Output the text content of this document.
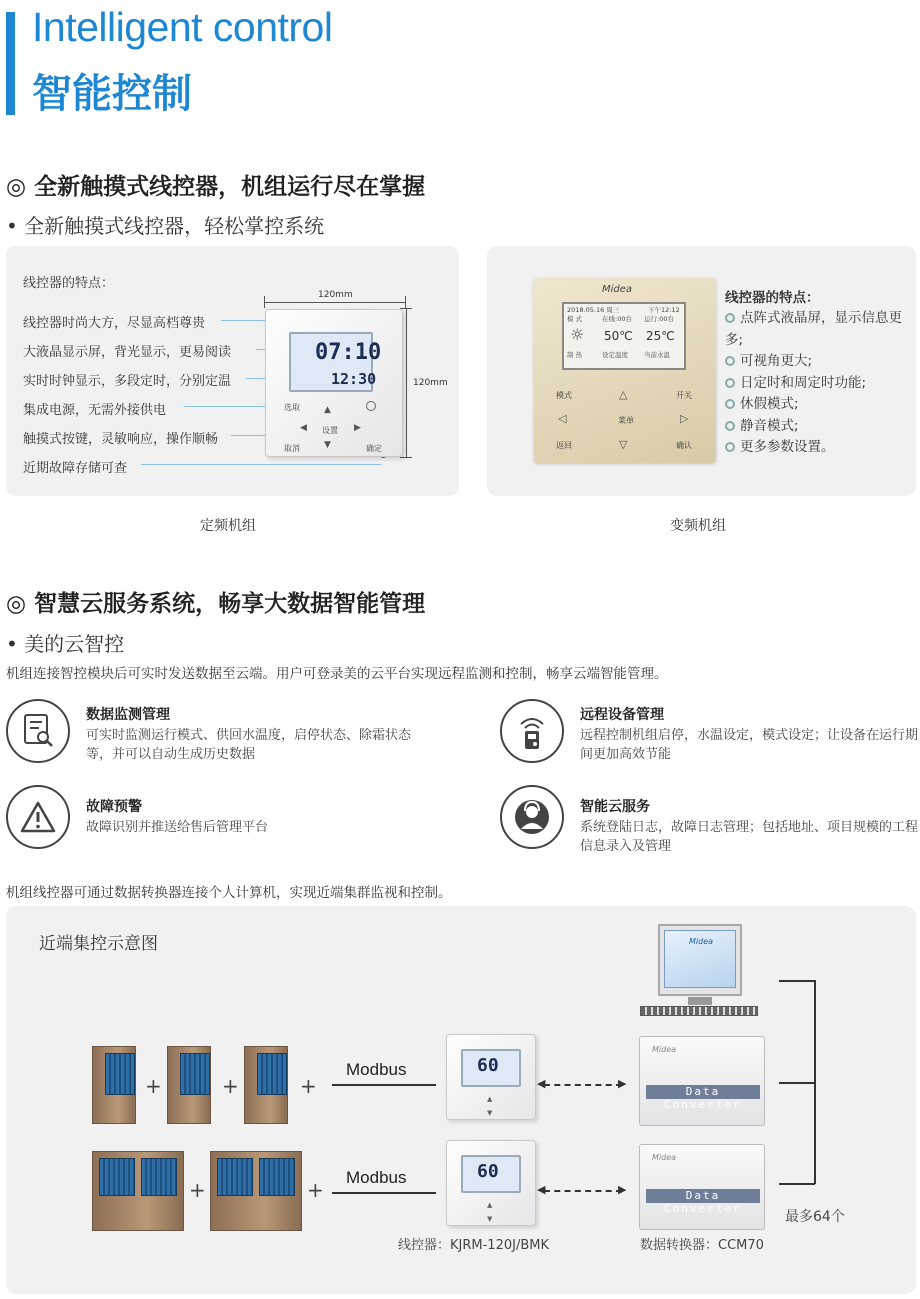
Intelligent control
智能控制
◎ 全新触摸式线控器，机组运行尽在掌握
• 全新触摸式线控器，轻松掌控系统
线控器的特点：
线控器时尚大方，尽显高档尊贵
大液晶显示屏，背光显示，更易阅读
实时时钟显示，多段定时，分别定温
集成电源，无需外接供电
触摸式按键，灵敏响应，操作顺畅
近期故障存储可查
120mm
120mm
07:10
12:30
选取
设置
取消	确定
▲
▼
◀	▶
定频机组
Midea
2018.05.16 周三	下午12:12
模 式	在线:00台 运行:00台
☼ 50℃ 25℃
制 热	设定温度 当前水温
模式	开关
菜单
返回	确认
△
▽
◁	▷
线控器的特点：
点阵式液晶屏，显示信息更多;
可视角更大;
日定时和周定时功能;
休假模式;
静音模式;
更多参数设置。
变频机组
◎ 智慧云服务系统，畅享大数据智能管理
• 美的云智控
机组连接智控模块后可实时发送数据至云端。用户可登录美的云平台实现远程监测和控制，畅享云端智能管理。
数据监测管理
可实时监测运行模式、供回水温度，启停状态、除霜状态等，并可以自动生成历史数据
远程设备管理
远程控制机组启停，水温设定，模式设定；让设备在运行期间更加高效节能
故障预警
故障识别并推送给售后管理平台
智能云服务
系统登陆日志，故障日志管理；包括地址、项目规模的工程信息录入及管理
机组线控器可通过数据转换器连接个人计算机，实现近端集群监视和控制。
近端集控示意图
+	+	+
Modbus	60
▲
▼
◀	▶
Midea
Midea
Data Converter
+	+
Modbus	60
▲
▼
◀	▶
Midea
Data Converter
最多64个
线控器：KJRM-120J/BMK	数据转换器：CCM70
